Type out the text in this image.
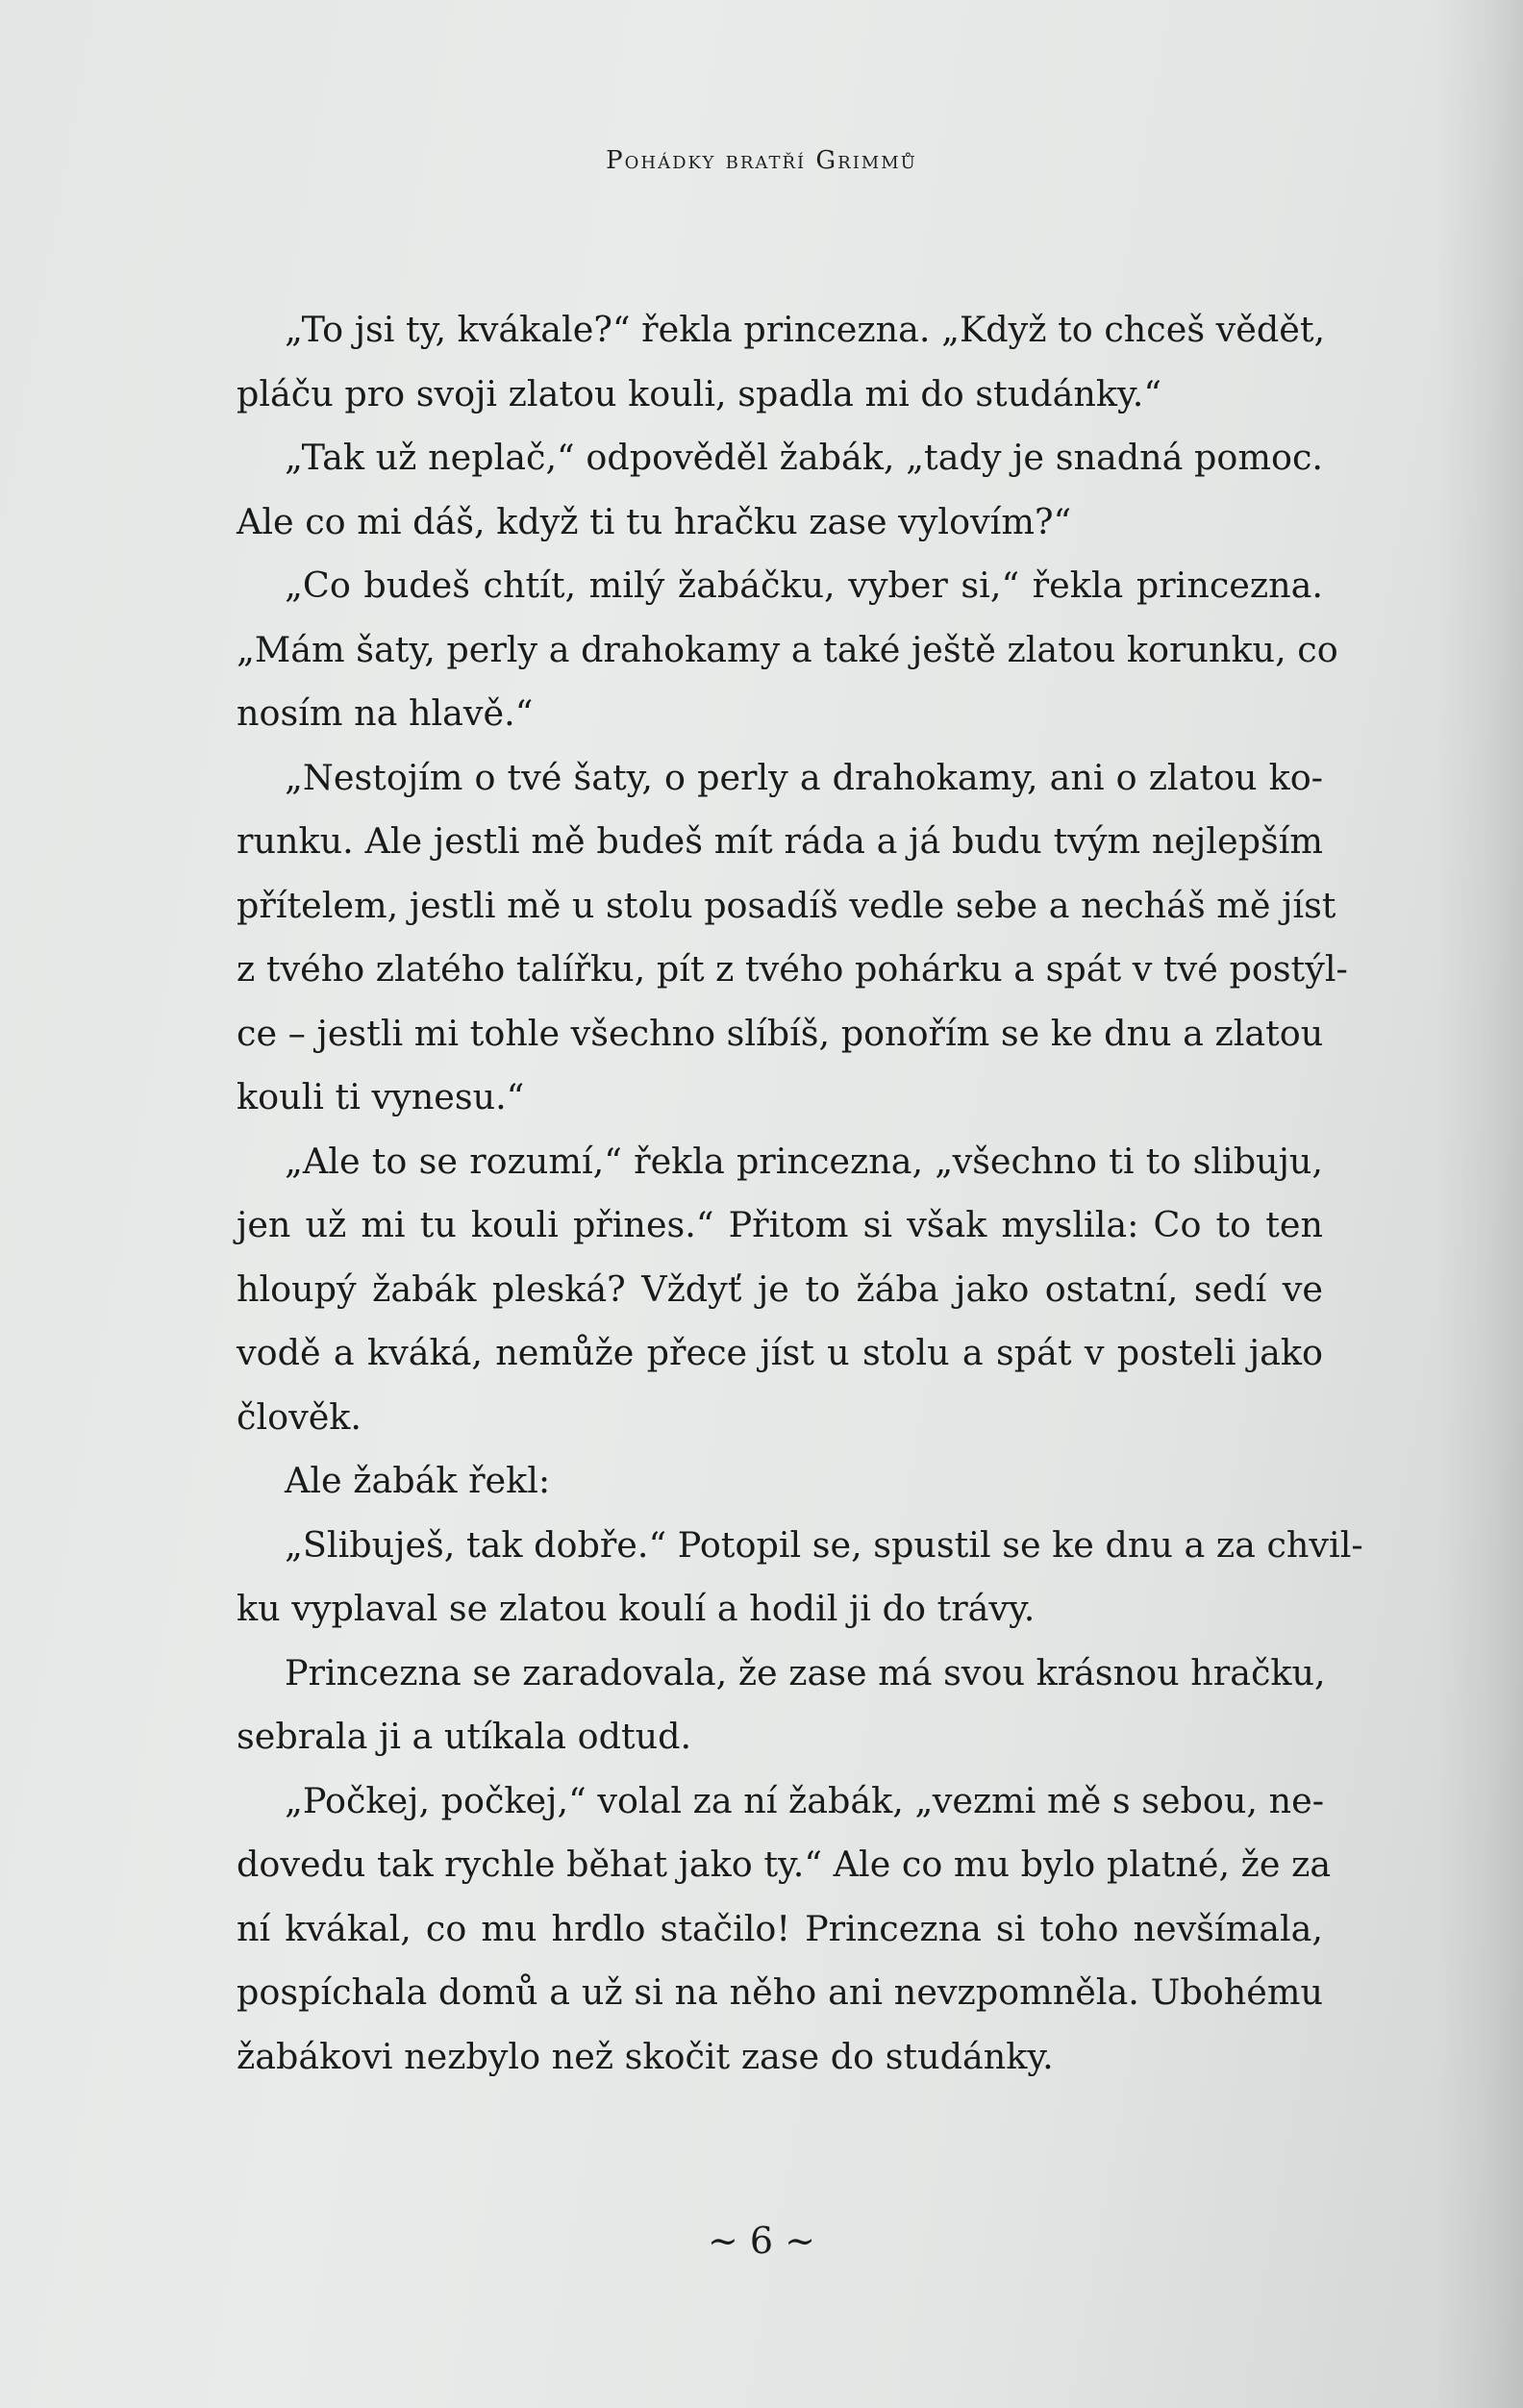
Pohádky bratří Grimmů

„To jsi ty, kvákale?“ řekla princezna. „Když to chceš vědět,
pláču pro svoji zlatou kouli, spadla mi do studánky.“

„Tak už neplač,“ odpověděl žabák, „tady je snadná pomoc.
Ale co mi dáš, když ti tu hračku zase vylovím?“

„Co budeš chtít, milý žabáčku, vyber si,“ řekla princezna.
„Mám šaty, perly a drahokamy a také ještě zlatou korunku, co
nosím na hlavě.“

„Nestojím o tvé šaty, o perly a drahokamy, ani o zlatou ko-
runku. Ale jestli mě budeš mít ráda a já budu tvým nejlepším
přítelem, jestli mě u stolu posadíš vedle sebe a necháš mě jíst
z tvého zlatého talířku, pít z tvého pohárku a spát v tvé postýl-
ce – jestli mi tohle všechno slíbíš, ponořím se ke dnu a zlatou
kouli ti vynesu.“

„Ale to se rozumí,“ řekla princezna, „všechno ti to slibuju,
jen už mi tu kouli přines.“ Přitom si však myslila: Co to ten
hloupý žabák pleská? Vždyť je to žába jako ostatní, sedí ve
vodě a kváká, nemůže přece jíst u stolu a spát v posteli jako
člověk.

Ale žabák řekl:

„Slibuješ, tak dobře.“ Potopil se, spustil se ke dnu a za chvil-
ku vyplaval se zlatou koulí a hodil ji do trávy.

Princezna se zaradovala, že zase má svou krásnou hračku,
sebrala ji a utíkala odtud.

„Počkej, počkej,“ volal za ní žabák, „vezmi mě s sebou, ne-
dovedu tak rychle běhat jako ty.“ Ale co mu bylo platné, že za
ní kvákal, co mu hrdlo stačilo! Princezna si toho nevšímala,
pospíchala domů a už si na něho ani nevzpomněla. Ubohému
žabákovi nezbylo než skočit zase do studánky.

~ 6 ~
